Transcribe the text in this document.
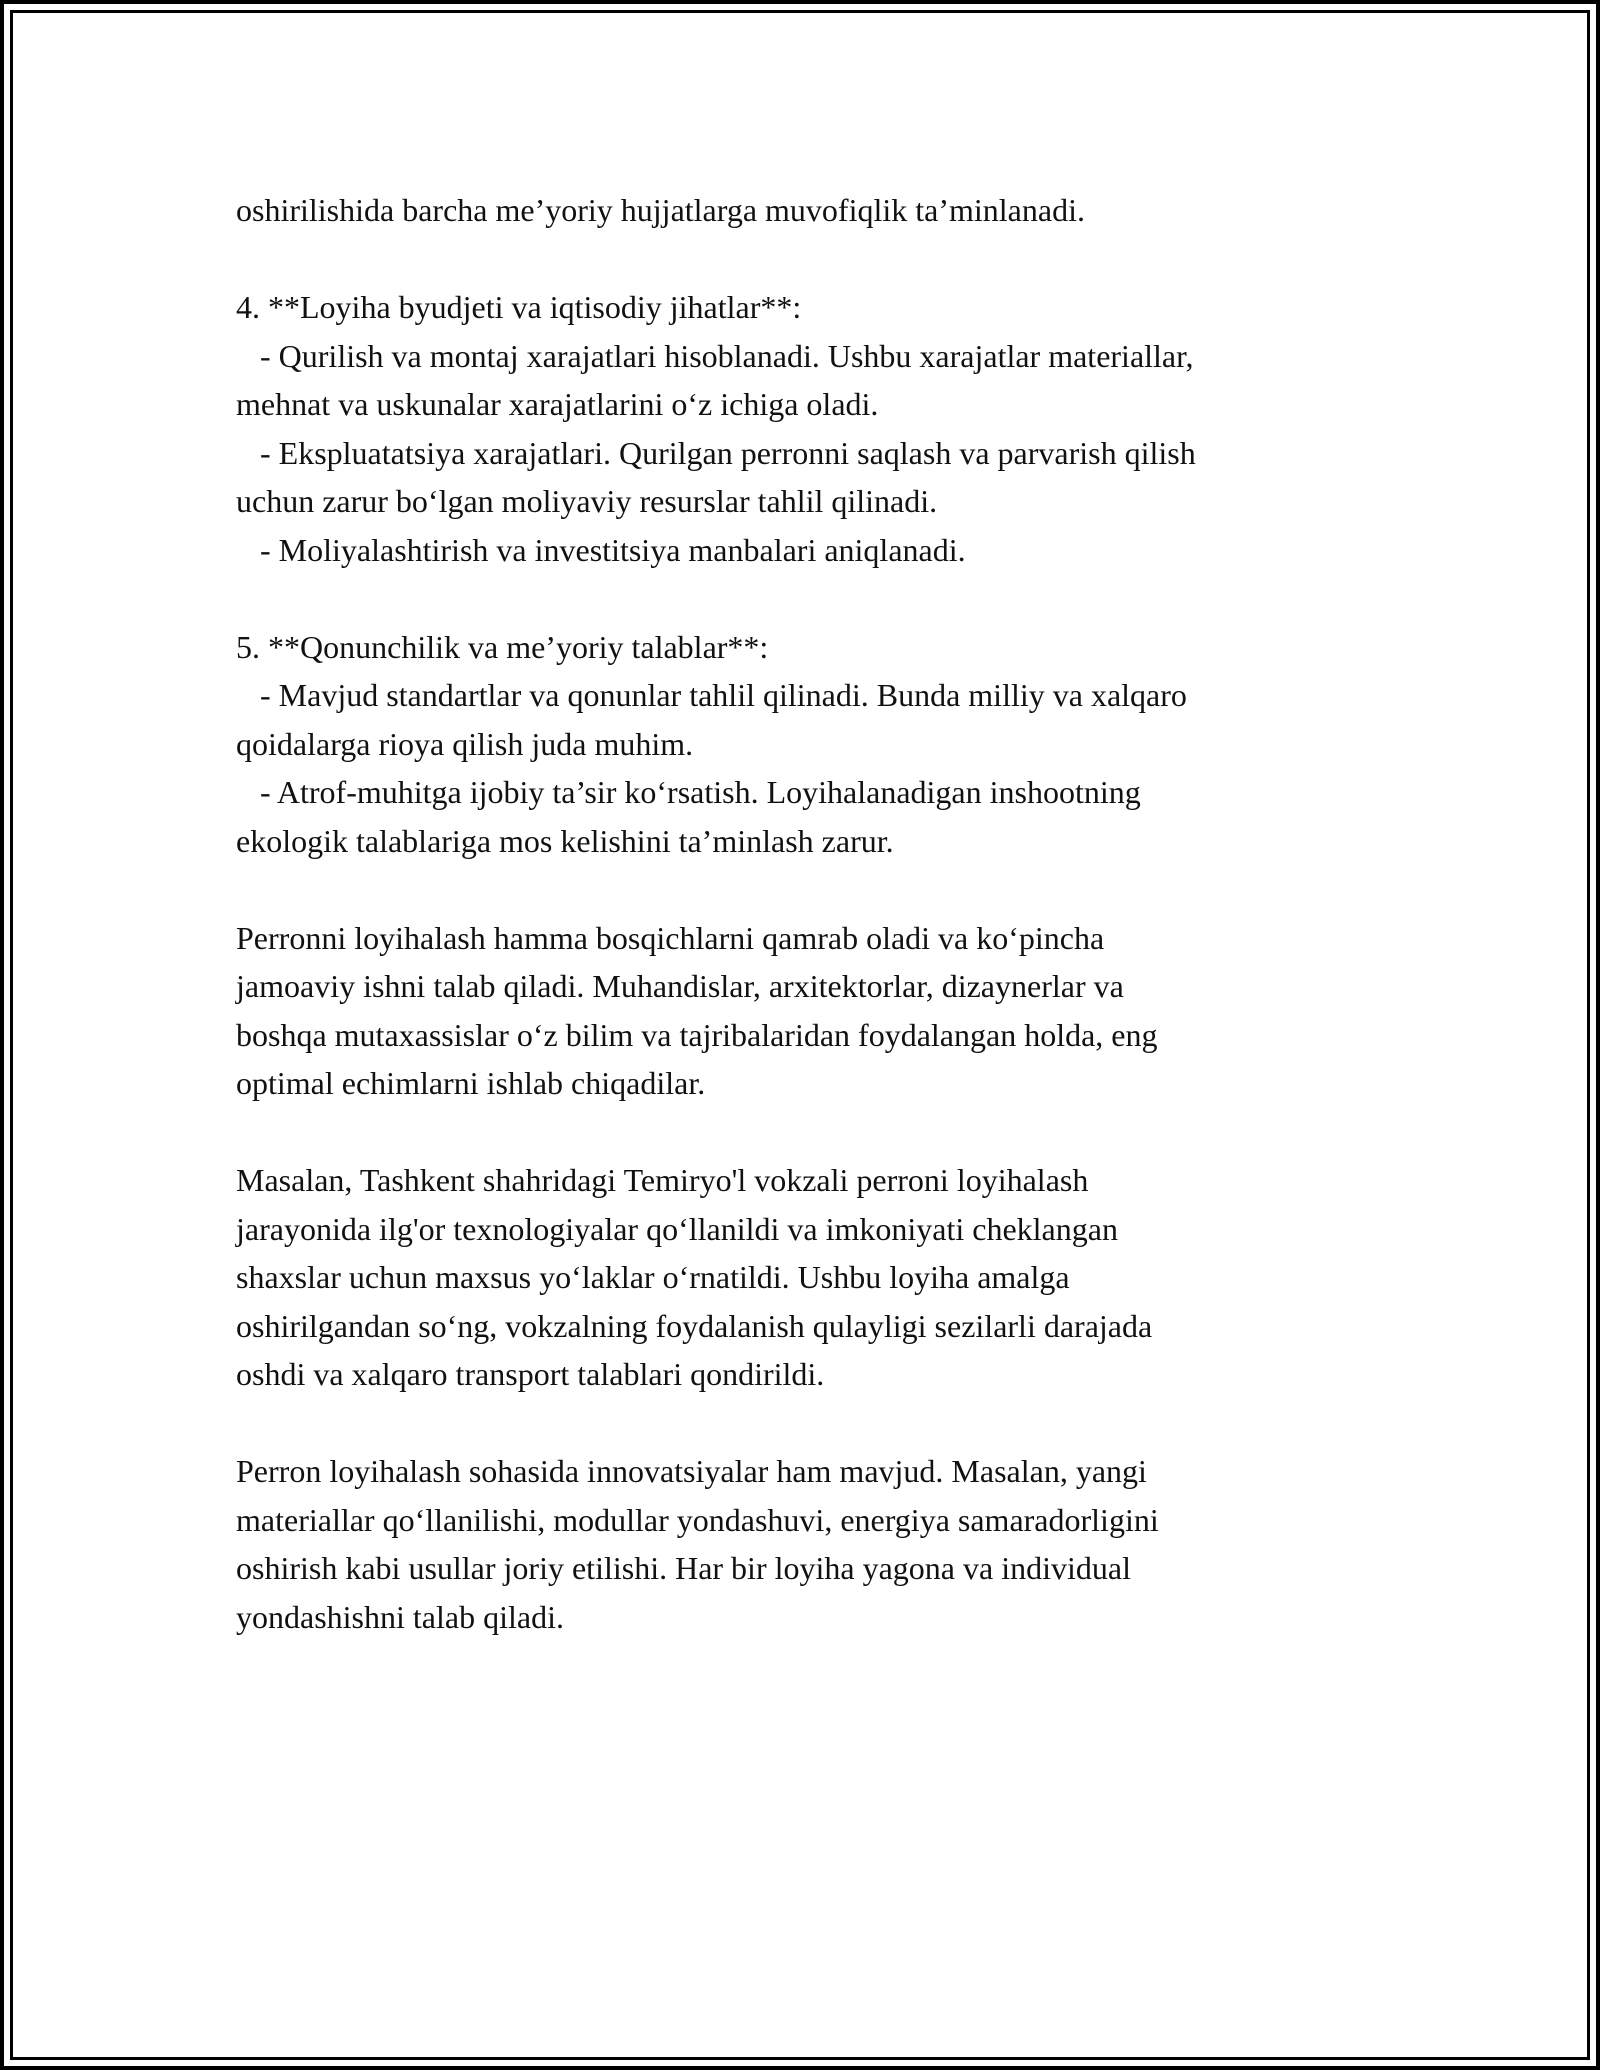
oshirilishida barcha me’yoriy hujjatlarga muvofiqlik ta’minlanadi.
4. **Loyiha byudjeti va iqtisodiy jihatlar**:
- Qurilish va montaj xarajatlari hisoblanadi. Ushbu xarajatlar materiallar,
mehnat va uskunalar xarajatlarini o‘z ichiga oladi.
- Ekspluatatsiya xarajatlari. Qurilgan perronni saqlash va parvarish qilish
uchun zarur bo‘lgan moliyaviy resurslar tahlil qilinadi.
- Moliyalashtirish va investitsiya manbalari aniqlanadi.
5. **Qonunchilik va me’yoriy talablar**:
- Mavjud standartlar va qonunlar tahlil qilinadi. Bunda milliy va xalqaro
qoidalarga rioya qilish juda muhim.
- Atrof-muhitga ijobiy ta’sir ko‘rsatish. Loyihalanadigan inshootning
ekologik talablariga mos kelishini ta’minlash zarur.
Perronni loyihalash hamma bosqichlarni qamrab oladi va ko‘pincha
jamoaviy ishni talab qiladi. Muhandislar, arxitektorlar, dizaynerlar va
boshqa mutaxassislar o‘z bilim va tajribalaridan foydalangan holda, eng
optimal echimlarni ishlab chiqadilar.
Masalan, Tashkent shahridagi Temiryo'l vokzali perroni loyihalash
jarayonida ilg'or texnologiyalar qo‘llanildi va imkoniyati cheklangan
shaxslar uchun maxsus yo‘laklar o‘rnatildi. Ushbu loyiha amalga
oshirilgandan so‘ng, vokzalning foydalanish qulayligi sezilarli darajada
oshdi va xalqaro transport talablari qondirildi.
Perron loyihalash sohasida innovatsiyalar ham mavjud. Masalan, yangi
materiallar qo‘llanilishi, modullar yondashuvi, energiya samaradorligini
oshirish kabi usullar joriy etilishi. Har bir loyiha yagona va individual
yondashishni talab qiladi.
